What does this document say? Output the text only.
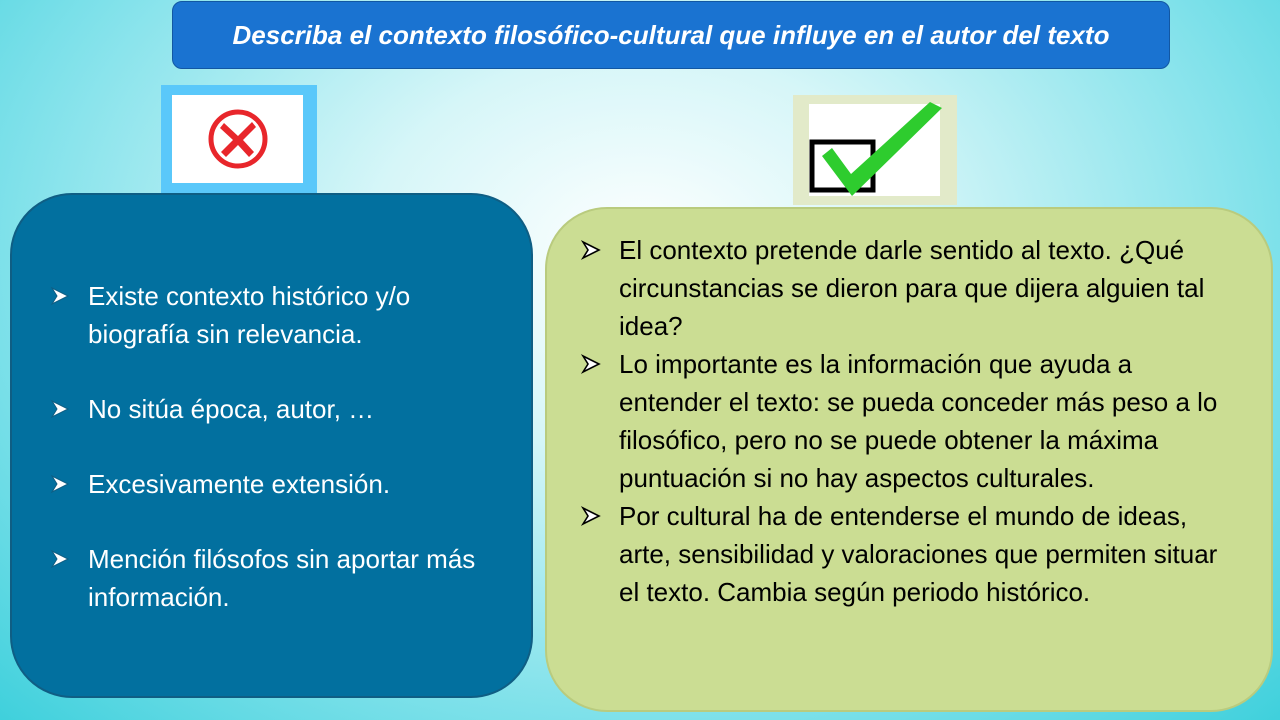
Describa el contexto filosófico-cultural que influye en el autor del texto
Existe contexto histórico y/o biografía sin relevancia.
No sitúa época, autor, …
Excesivamente extensión.
Mención filósofos sin aportar más información.
El contexto pretende darle sentido al texto. ¿Qué circunstancias se dieron para que dijera alguien tal idea?
Lo importante es la información que ayuda a entender el texto: se pueda conceder más peso a lo filosófico, pero no se puede obtener la máxima puntuación si no hay aspectos culturales.
Por cultural ha de entenderse el mundo de ideas, arte, sensibilidad y valoraciones que permiten situar el texto. Cambia según periodo histórico.
